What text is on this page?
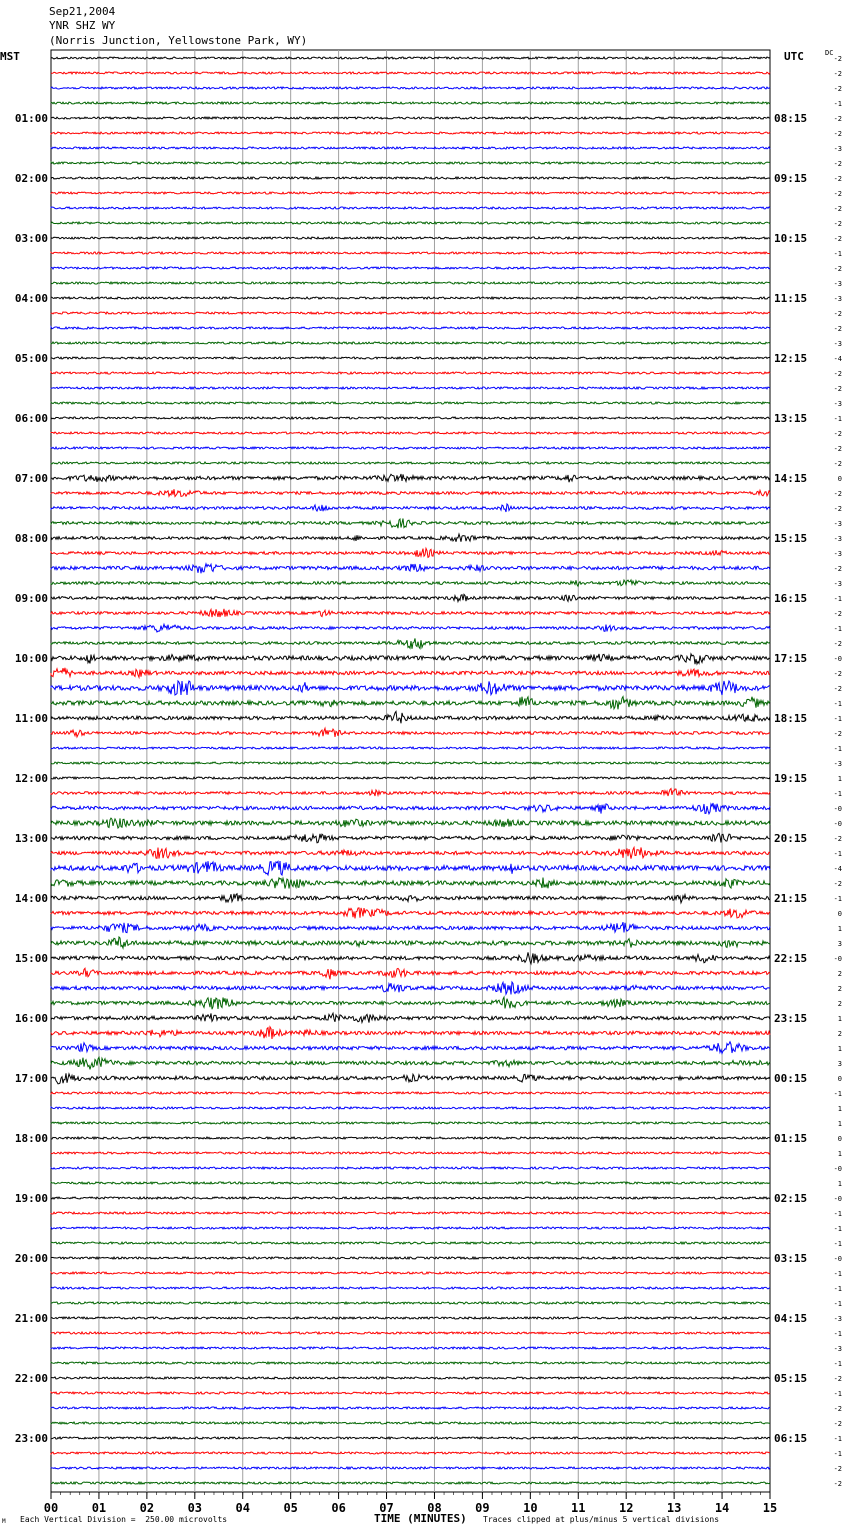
Sep21,2004
YNR SHZ WY
(Norris Junction, Yellowstone Park, WY)
MST	UTC	DC
00	01	02	03	04	05	06	07	08	09	10	11	12	13	14	15
-2
-2
-2
-1
-2
-2
-3
-2
-2
-2
-2
-2
-2
-1
-2
-3
-3
-2
-2
-3
-4
-2
-2
-3
-1
-2
-2
-2
0
-2
-2
-3
-3
-3
-2
-3
-1
-2
-1
-2
-0
-2
-2
-1
-1
-2
-1
-3
1
-1
-0
-0
-2
-1
-4
-2
-1
0
1
3
-0
2
2
2
1
2
1
3
0
-1
1
1
0
1
-0
1
-0
-1
-1
-1
-0
-1
-1
-1
-3
-1
-3
-1
-2
-1
-2
-2
-1
-1
-2
-2
01:00
02:00
03:00
04:00
05:00
06:00
07:00
08:00
09:00
10:00
11:00
12:00
13:00
14:00
15:00
16:00
17:00
18:00
19:00
20:00
21:00
22:00
23:00
08:15
09:15
10:15
11:15
12:15
13:15
14:15
15:15
16:15
17:15
18:15
19:15
20:15
21:15
22:15
23:15
00:15
01:15
02:15
03:15
04:15
05:15
06:15
M Each Vertical Division =  250.00 microvolts	TIME (MINUTES) Traces clipped at plus/minus 5 vertical divisions
